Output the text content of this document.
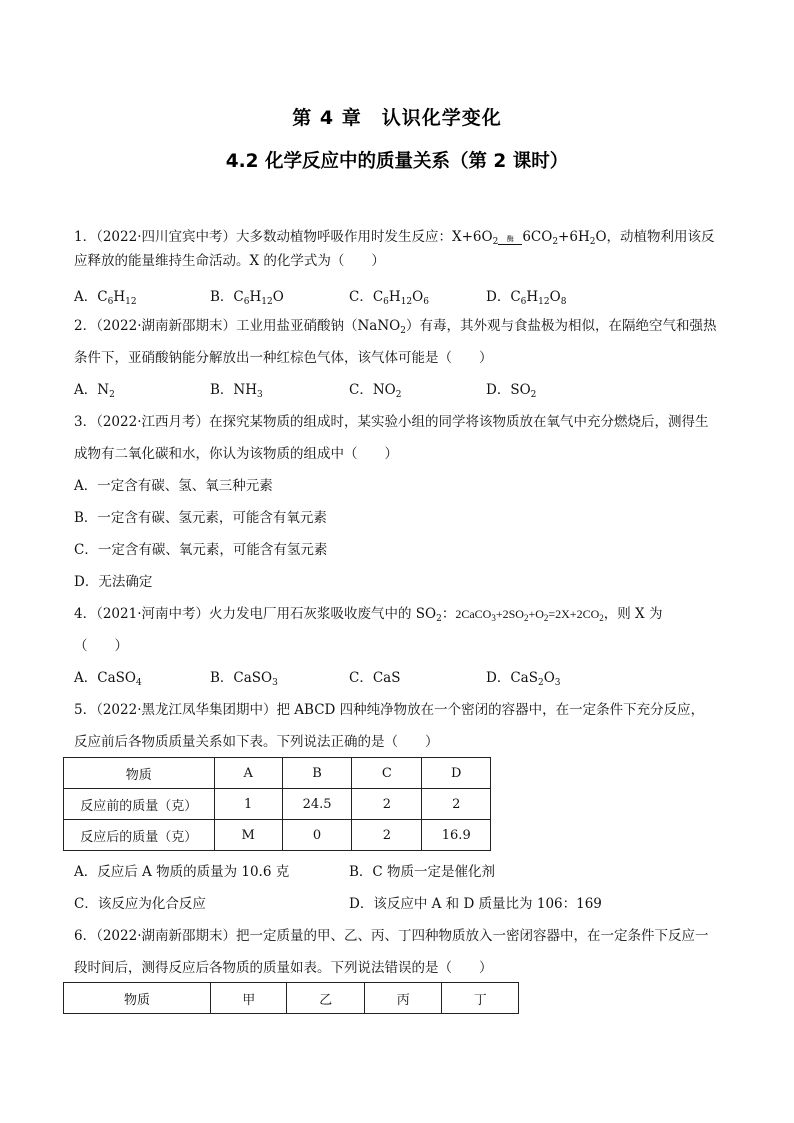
第 4 章　认识化学变化
4.2 化学反应中的质量关系（第 2 课时）
1．（2022·四川宜宾中考）大多数动植物呼吸作用时发生反应：$X+6O_2$	酶 $6CO_2+6H_2O$，动植物利用该反
应释放的能量维持生命活动。X 的化学式为（　　）
A．$C_6H_{12}$	B．$C_6H_{12}O$	C．$C_6H_{12}O_6$	D．$C_6H_{12}O_8$
2．（2022·湖南新邵期末）工业用盐亚硝酸钠（NaNO$_2$）有毒，其外观与食盐极为相似，在隔绝空气和强热
条件下，亚硝酸钠能分解放出一种红棕色气体，该气体可能是（　　）
A．$N_2$	B．$NH_3$	C．$NO_2$	D．$SO_2$
3．（2022·江西月考）在探究某物质的组成时，某实验小组的同学将该物质放在氧气中充分燃烧后，测得生
成物有二氧化碳和水，你认为该物质的组成中（　　）
A．一定含有碳、氢、氧三种元素
B．一定含有碳、氢元素，可能含有氧元素
C．一定含有碳、氧元素，可能含有氢元素
D．无法确定
4．（2021·河南中考）火力发电厂用石灰浆吸收废气中的 $SO_2$：$2CaCO_3+2SO_2+O_2=2X+2CO_2$，则 X 为
（　　）
A．CaSO$_4$	B．CaSO$_3$	C．CaS	D．$CaS_2O_3$
5．（2022·黑龙江凤华集团期中）把 ABCD 四种纯净物放在一个密闭的容器中，在一定条件下充分反应，
反应前后各物质质量关系如下表。下列说法正确的是（　　）
物质	A	B	C	D
反应前的质量（克）	1	24.5	2	2
反应后的质量（克）	M	0	2	16.9
A．反应后 A 物质的质量为 10.6 克	B．C 物质一定是催化剂
C．该反应为化合反应	D．该反应中 A 和 D 质量比为 106：169
6．（2022·湖南新邵期末）把一定质量的甲、乙、丙、丁四种物质放入一密闭容器中，在一定条件下反应一
段时间后，测得反应后各物质的质量如表。下列说法错误的是（　　）
物质	甲	乙	丙	丁
